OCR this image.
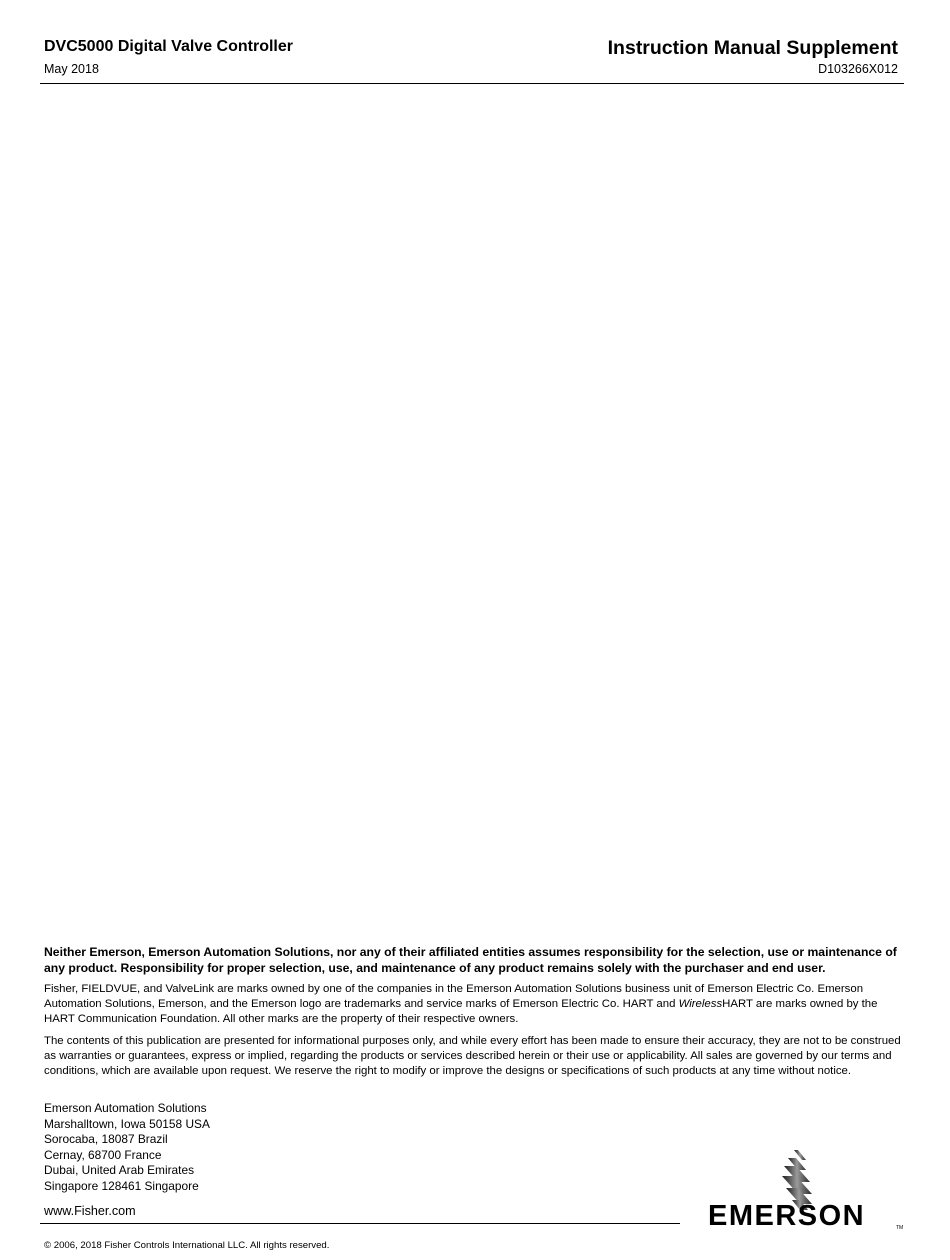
DVC5000 Digital Valve Controller
May 2018
Instruction Manual Supplement
D103266X012

Neither Emerson, Emerson Automation Solutions, nor any of their affiliated entities assumes responsibility for the selection, use or maintenance of any product. Responsibility for proper selection, use, and maintenance of any product remains solely with the purchaser and end user.

Fisher, FIELDVUE, and ValveLink are marks owned by one of the companies in the Emerson Automation Solutions business unit of Emerson Electric Co. Emerson Automation Solutions, Emerson, and the Emerson logo are trademarks and service marks of Emerson Electric Co. HART and WirelessHART are marks owned by the HART Communication Foundation. All other marks are the property of their respective owners.

The contents of this publication are presented for informational purposes only, and while every effort has been made to ensure their accuracy, they are not to be construed as warranties or guarantees, express or implied, regarding the products or services described herein or their use or applicability. All sales are governed by our terms and conditions, which are available upon request. We reserve the right to modify or improve the designs or specifications of such products at any time without notice.

Emerson Automation Solutions
Marshalltown, Iowa 50158 USA
Sorocaba, 18087 Brazil
Cernay, 68700 France
Dubai, United Arab Emirates
Singapore 128461 Singapore
www.Fisher.com
© 2006, 2018 Fisher Controls International LLC. All rights reserved.
EMERSON	TM
